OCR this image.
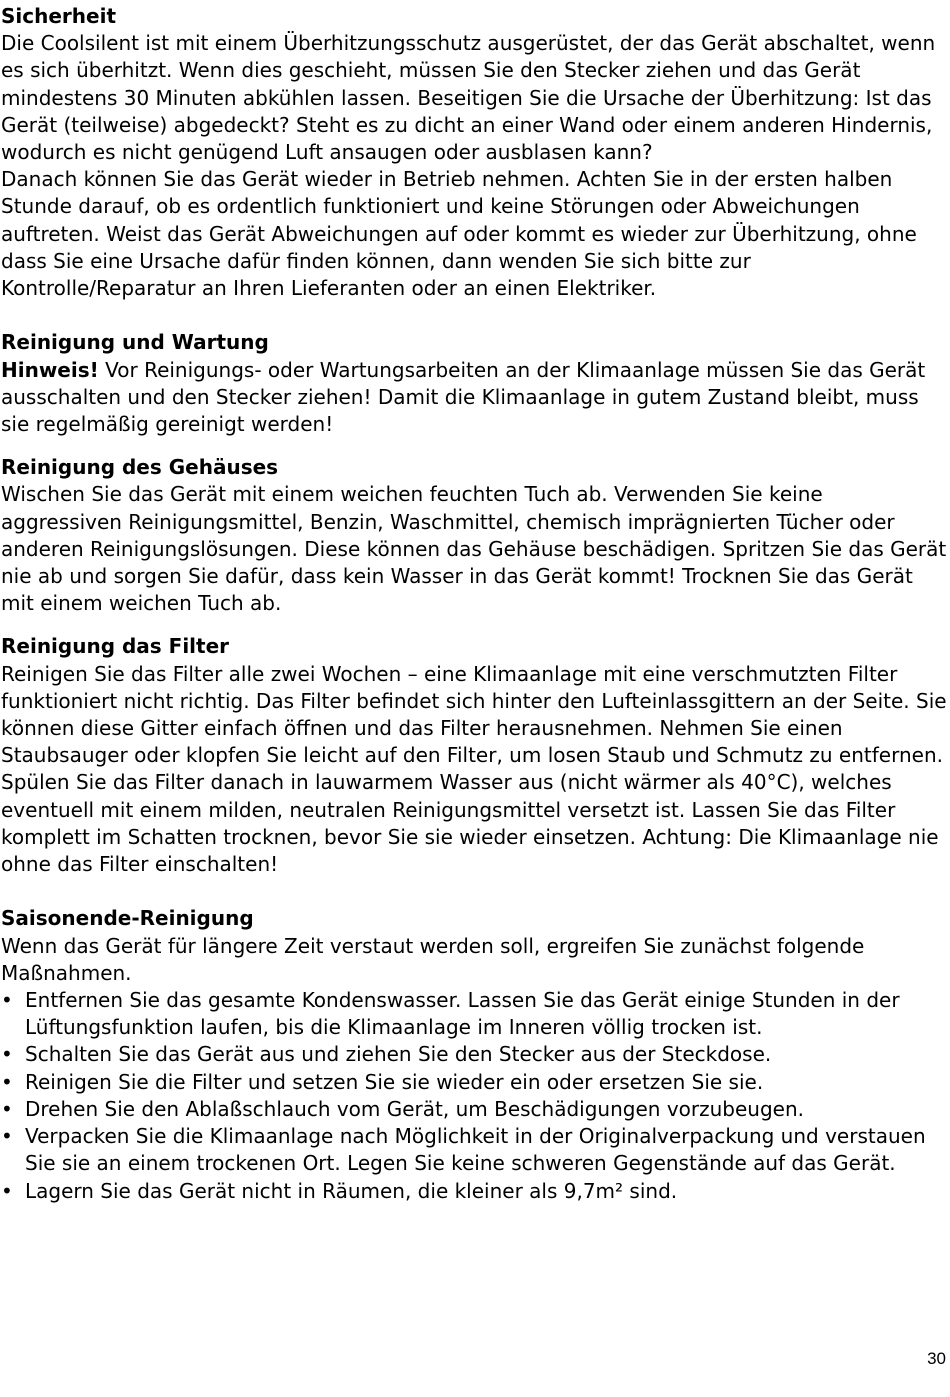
Sicherheit

Die Coolsilent ist mit einem Überhitzungsschutz ausgerüstet, der das Gerät abschaltet, wenn es sich überhitzt. Wenn dies geschieht, müssen Sie den Stecker ziehen und das Gerät mindestens 30 Minuten abkühlen lassen. Beseitigen Sie die Ursache der Überhitzung: Ist das Gerät (teilweise) abgedeckt? Steht es zu dicht an einer Wand oder einem anderen Hindernis, wodurch es nicht genügend Luft ansaugen oder ausblasen kann?

Danach können Sie das Gerät wieder in Betrieb nehmen. Achten Sie in der ersten halben Stunde darauf, ob es ordentlich funktioniert und keine Störungen oder Abweichungen auftreten. Weist das Gerät Abweichungen auf oder kommt es wieder zur Überhitzung, ohne dass Sie eine Ursache dafür finden können, dann wenden Sie sich bitte zur Kontrolle/Reparatur an Ihren Lieferanten oder an einen Elektriker.

Reinigung und Wartung

Hinweis! Vor Reinigungs- oder Wartungsarbeiten an der Klimaanlage müssen Sie das Gerät ausschalten und den Stecker ziehen! Damit die Klimaanlage in gutem Zustand bleibt, muss sie regelmäßig gereinigt werden!

Reinigung des Gehäuses

Wischen Sie das Gerät mit einem weichen feuchten Tuch ab. Verwenden Sie keine aggressiven Reinigungsmittel, Benzin, Waschmittel, chemisch imprägnierten Tücher oder anderen Reinigungslösungen. Diese können das Gehäuse beschädigen. Spritzen Sie das Gerät nie ab und sorgen Sie dafür, dass kein Wasser in das Gerät kommt! Trocknen Sie das Gerät mit einem weichen Tuch ab.

Reinigung das Filter

Reinigen Sie das Filter alle zwei Wochen – eine Klimaanlage mit eine verschmutzten Filter funktioniert nicht richtig. Das Filter befindet sich hinter den Lufteinlassgittern an der Seite. Sie können diese Gitter einfach öffnen und das Filter herausnehmen. Nehmen Sie einen Staubsauger oder klopfen Sie leicht auf den Filter, um losen Staub und Schmutz zu entfernen. Spülen Sie das Filter danach in lauwarmem Wasser aus (nicht wärmer als 40°C), welches eventuell mit einem milden, neutralen Reinigungsmittel versetzt ist. Lassen Sie das Filter komplett im Schatten trocknen, bevor Sie sie wieder einsetzen. Achtung: Die Klimaanlage nie ohne das Filter einschalten!

Saisonende-Reinigung

Wenn das Gerät für längere Zeit verstaut werden soll, ergreifen Sie zunächst folgende Maßnahmen.

• Entfernen Sie das gesamte Kondenswasser. Lassen Sie das Gerät einige Stunden in der Lüftungsfunktion laufen, bis die Klimaanlage im Inneren völlig trocken ist.
• Schalten Sie das Gerät aus und ziehen Sie den Stecker aus der Steckdose.
• Reinigen Sie die Filter und setzen Sie sie wieder ein oder ersetzen Sie sie.
• Drehen Sie den Ablaßschlauch vom Gerät, um Beschädigungen vorzubeugen.
• Verpacken Sie die Klimaanlage nach Möglichkeit in der Originalverpackung und verstauen Sie sie an einem trockenen Ort. Legen Sie keine schweren Gegenstände auf das Gerät.
• Lagern Sie das Gerät nicht in Räumen, die kleiner als 9,7m² sind.
30
